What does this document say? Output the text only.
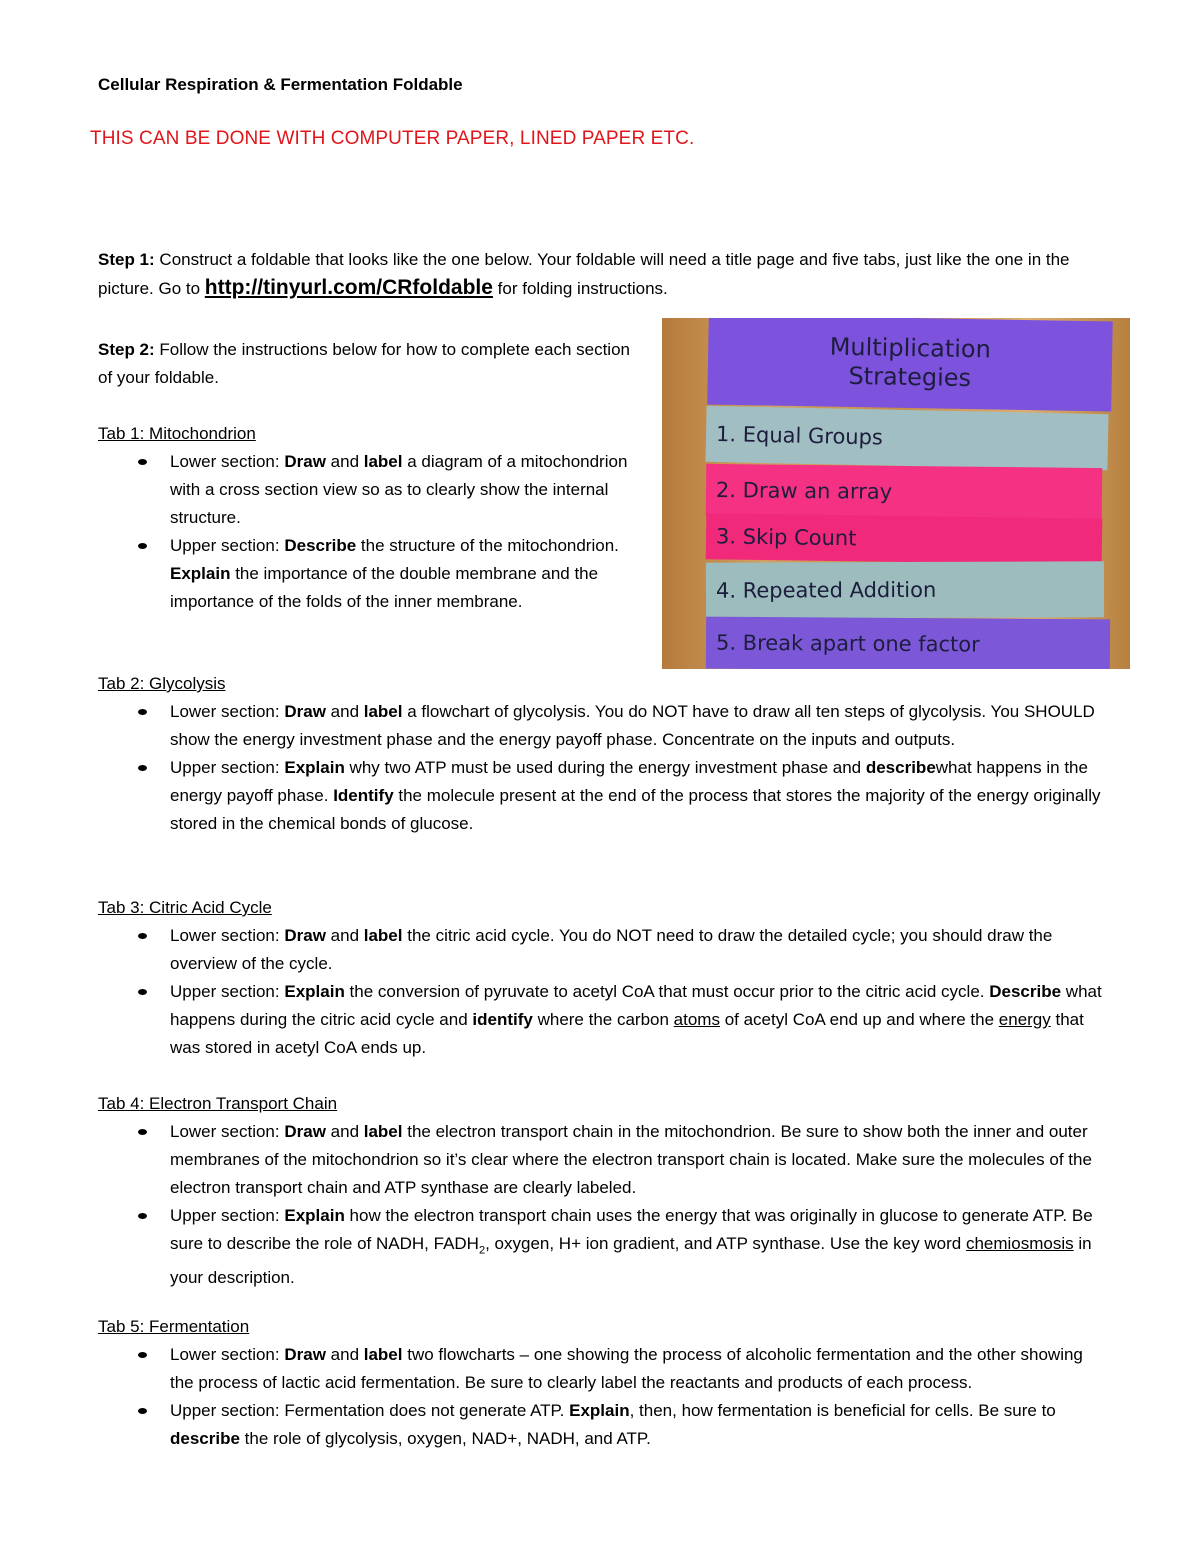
Cellular Respiration & Fermentation Foldable
THIS CAN BE DONE WITH COMPUTER PAPER, LINED PAPER ETC.
Step 1: Construct a foldable that looks like the one below. Your foldable will need a title page and five tabs, just like the one in the picture. Go to http://tinyurl.com/CRfoldable for folding instructions.
Step 2: Follow the instructions below for how to complete each section of your foldable.
Tab 1: Mitochondrion
Lower section: Draw and label a diagram of a mitochondrion with a cross section view so as to clearly show the internal structure.
Upper section: Describe the structure of the mitochondrion. Explain the importance of the double membrane and the importance of the folds of the inner membrane.
Multiplication
Strategies
1. Equal Groups
2. Draw an array
3. Skip Count
4. Repeated Addition
5. Break apart one factor
Tab 2: Glycolysis
Lower section: Draw and label a flowchart of glycolysis. You do NOT have to draw all ten steps of glycolysis. You SHOULD show the energy investment phase and the energy payoff phase. Concentrate on the inputs and outputs.
Upper section: Explain why two ATP must be used during the energy investment phase and describewhat happens in the energy payoff phase. Identify the molecule present at the end of the process that stores the majority of the energy originally stored in the chemical bonds of glucose.
Tab 3: Citric Acid Cycle
Lower section: Draw and label the citric acid cycle. You do NOT need to draw the detailed cycle; you should draw the overview of the cycle.
Upper section: Explain the conversion of pyruvate to acetyl CoA that must occur prior to the citric acid cycle. Describe what happens during the citric acid cycle and identify where the carbon atoms of acetyl CoA end up and where the energy that was stored in acetyl CoA ends up.
Tab 4: Electron Transport Chain
Lower section: Draw and label the electron transport chain in the mitochondrion. Be sure to show both the inner and outer membranes of the mitochondrion so it’s clear where the electron transport chain is located. Make sure the molecules of the electron transport chain and ATP synthase are clearly labeled.
Upper section: Explain how the electron transport chain uses the energy that was originally in glucose to generate ATP. Be sure to describe the role of NADH, $FADH_2$, oxygen, H+ ion gradient, and ATP synthase. Use the key word chemiosmosis in your description.
Tab 5: Fermentation
Lower section: Draw and label two flowcharts – one showing the process of alcoholic fermentation and the other showing the process of lactic acid fermentation. Be sure to clearly label the reactants and products of each process.
Upper section: Fermentation does not generate ATP. Explain, then, how fermentation is beneficial for cells. Be sure to describe the role of glycolysis, oxygen, NAD+, NADH, and ATP.
